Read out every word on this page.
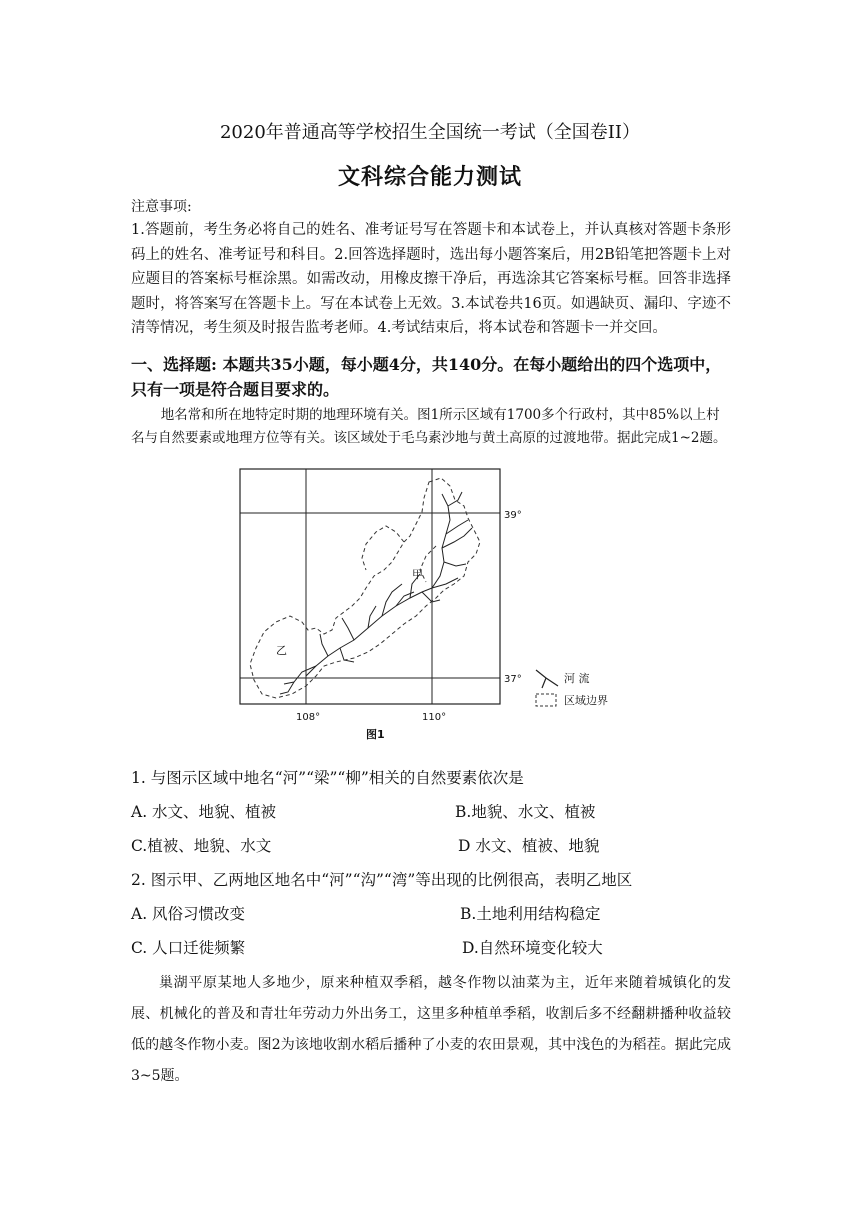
2020年普通高等学校招生全国统一考试（全国卷II）
文科综合能力测试
注意事项:
1.答题前，考生务必将自己的姓名、准考证号写在答题卡和本试卷上，并认真核对答题卡条形码上的姓名、准考证号和科目。2.回答选择题时，选出每小题答案后，用2B铅笔把答题卡上对应题目的答案标号框涂黑。如需改动，用橡皮擦干净后，再选涂其它答案标号框。回答非选择题时，将答案写在答题卡上。写在本试卷上无效。3.本试卷共16页。如遇缺页、漏印、字迹不清等情况，考生须及时报告监考老师。4.考试结束后，将本试卷和答题卡一并交回。
一、选择题: 本题共35小题，每小题4分，共140分。在每小题给出的四个选项中，只有一项是符合题目要求的。
地名常和所在地特定时期的地理环境有关。图1所示区域有1700多个行政村，其中85%以上村名与自然要素或地理方位等有关。该区域处于毛乌素沙地与黄土高原的过渡地带。据此完成1~2题。
甲
乙
39°
37°
108°	110°
河 流
区域边界
图1
1. 与图示区域中地名“河”“梁”“柳”相关的自然要素依次是
A. 水文、地貌、植被	B.地貌、水文、植被
C.植被、地貌、水文	D 水文、植被、地貌
2. 图示甲、乙两地区地名中“河”“沟”“湾”等出现的比例很高，表明乙地区
A. 风俗习惯改变	B.土地利用结构稳定
C. 人口迁徙频繁	D.自然环境变化较大
巢湖平原某地人多地少，原来种植双季稻，越冬作物以油菜为主，近年来随着城镇化的发展、机械化的普及和青壮年劳动力外出务工，这里多种植单季稻，收割后多不经翻耕播种收益较低的越冬作物小麦。图2为该地收割水稻后播种了小麦的农田景观，其中浅色的为稻茬。据此完成3~5题。
